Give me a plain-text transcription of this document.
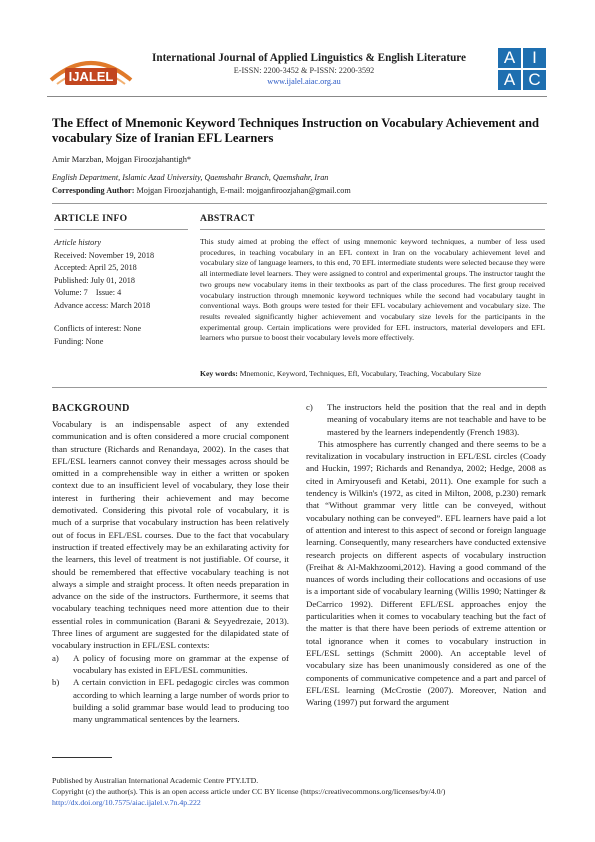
IJALEL
International Journal of Applied Linguistics & English Literature
E-ISSN: 2200-3452 & P-ISSN: 2200-3592
www.ijalel.aiac.org.au
A I
A C
The Effect of Mnemonic Keyword Techniques Instruction on Vocabulary Achievement and vocabulary Size of Iranian EFL Learners
Amir Marzban, Mojgan Firoozjahantigh*
English Department, Islamic Azad University, Qaemshahr Branch, Qaemshahr, Iran
Corresponding Author: Mojgan Firoozjahantigh, E-mail: mojganfiroozjahan@gmail.com
ARTICLE INFO
Article history
Received: November 19, 2018
Accepted: April 25, 2018
Published: July 01, 2018
Volume: 7    Issue: 4
Advance access: March 2018
Conflicts of interest: None
Funding: None
ABSTRACT
This study aimed at probing the effect of using mnemonic keyword techniques, a number of less used procedures, in teaching vocabulary in an EFL context in Iran on the vocabulary achievement level and vocabulary size of language learners, to this end, 70 EFL intermediate students were selected because they were all intermediate level learners. They were assigned to control and experimental groups. The instructor taught the two groups new vocabulary items in their textbooks as part of the class procedures. The first group received vocabulary instruction through mnemonic keyword techniques while the second had vocabulary taught in conventional ways. Both groups were tested for their EFL vocabulary achievement and vocabulary size. The results revealed significantly higher achievement and vocabulary size levels for the participants in the experimental group. Certain implications were provided for EFL instructors, material developers and EFL learners who pursue to boost their vocabulary levels more effectively.
Key words: Mnemonic, Keyword, Techniques, Efl, Vocabulary, Teaching, Vocabulary Size
BACKGROUND

Vocabulary is an indispensable aspect of any extended communication and is often considered a more crucial component than structure (Richards and Renandaya, 2002). In the cases that EFL/ESL learners cannot convey their messages across should be omitted in a comprehensible way in either a written or spoken context due to an insufficient level of vocabulary, they lose their interest in furthering their achievement and may become demotivated. Considering this pivotal role of vocabulary, it is much of a surprise that vocabulary instruction has been relatively out of focus in EFL/ESL courses. Due to the fact that vocabulary instruction if treated effectively may be an exhilarating activity for the learners, this level of treatment is not justifiable. Of course, it should be remembered that effective vocabulary teaching is not always a simple and straight process. It often needs preparation in advance on the side of the instructors. Furthermore, it seems that vocabulary teaching techniques need more attention due to their essential roles in communication (Barani & Seyyedrezaie, 2013). Three lines of argument are suggested for the dilapidated state of vocabulary instruction in EFL/ESL contexts:

a)	A policy of focusing more on grammar at the expense of vocabulary has existed in EFL/ESL communities.
b)	A certain conviction in EFL pedagogic circles was common according to which learning a large number of words prior to building a solid grammar base would lead to producing too many ungrammatical sentences by the learners.
c)	The instructors held the position that the real and in depth meaning of vocabulary items are not teachable and have to be mastered by the learners independently (French 1983).

This atmosphere has currently changed and there seems to be a revitalization in vocabulary instruction in EFL/ESL circles (Coady and Huckin, 1997; Richards and Renandya, 2002; Hedge, 2008 as cited in Amiryousefi and Ketabi, 2011). One example for such a tendency is Wilkin's (1972, as cited in Milton, 2008, p.230) remark that “Without grammar very little can be conveyed, without vocabulary nothing can be conveyed”. EFL learners have paid a lot of attention and interest to this aspect of second or foreign language learning. Consequently, many researchers have conducted extensive research projects on different aspects of vocabulary instruction (Freihat & Al-Makhzoomi,2012). Having a good command of the nuances of words including their collocations and occasions of use is a important side of vocabulary learning (Willis 1990; Nattinger & DeCarrico 1992). Different EFL/ESL approaches enjoy the particularities when it comes to vocabulary teaching but the fact of the matter is that there have been periods of extreme attention or total ignorance when it comes to vocabulary instruction in EFL/ESL settings (Schmitt 2000). An acceptable level of vocabulary size has been unanimously considered as one of the components of communicative competence and a part and parcel of EFL/ESL learning (McCrostie (2007). Moreover, Nation and Waring (1997) put forward the argument

Published by Australian International Academic Centre PTY.LTD.
Copyright (c) the author(s). This is an open access article under CC BY license (https://creativecommons.org/licenses/by/4.0/)
http://dx.doi.org/10.7575/aiac.ijalel.v.7n.4p.222
